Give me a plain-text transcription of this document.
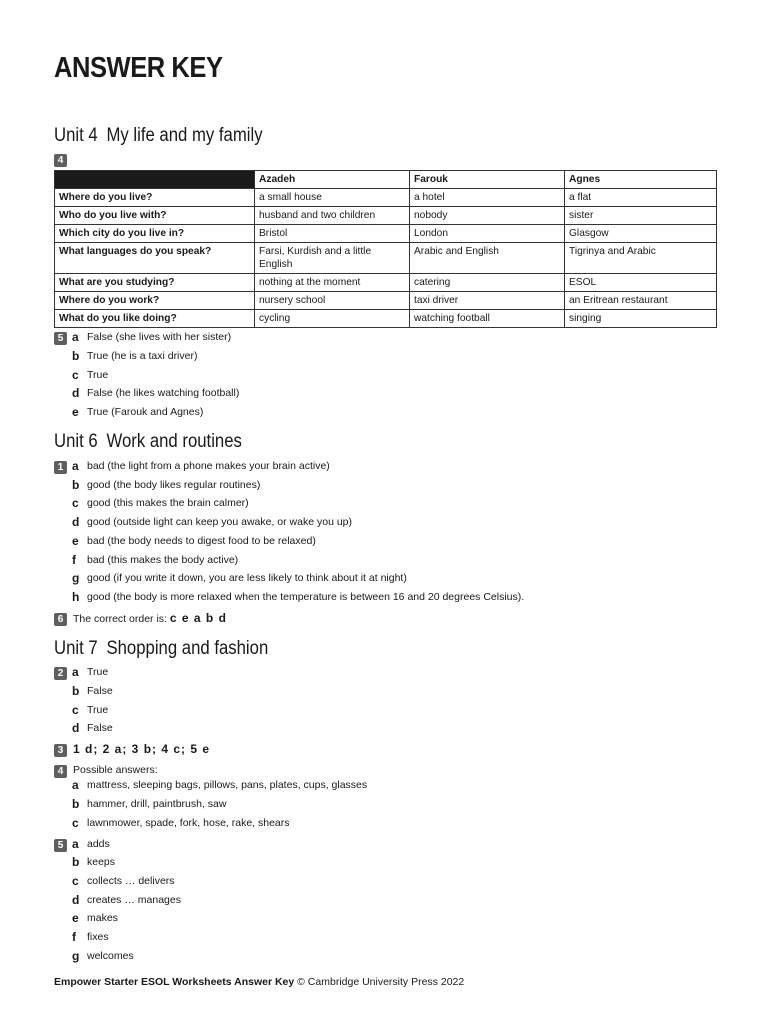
ANSWER KEY
Unit 4 My life and my family
4
	Azadeh	Farouk	Agnes
Where do you live?	a small house	a hotel	a flat
Who do you live with?	husband and two children	nobody	sister
Which city do you live in?	Bristol	London	Glasgow
What languages do you speak?	Farsi, Kurdish and a little English	Arabic and English	Tigrinya and Arabic
What are you studying?	nothing at the moment	catering	ESOL
Where do you work?	nursery school	taxi driver	an Eritrean restaurant
What do you like doing?	cycling	watching football	singing
5 a False (she lives with her sister)
b True (he is a taxi driver)
c True
d False (he likes watching football)
e True (Farouk and Agnes)
Unit 6 Work and routines
1 a bad (the light from a phone makes your brain active)
b good (the body likes regular routines)
c good (this makes the brain calmer)
d good (outside light can keep you awake, or wake you up)
e bad (the body needs to digest food to be relaxed)
f	bad (this makes the body active)
g good (if you write it down, you are less likely to think about it at night)
h good (the body is more relaxed when the temperature is between 16 and 20 degrees Celsius).
6 The correct order is: c e a b d
Unit 7 Shopping and fashion
2 a True
b False
c True
d False
3 1 d; 2 a; 3 b; 4 c; 5 e
4 Possible answers:
a mattress, sleeping bags, pillows, pans, plates, cups, glasses
b hammer, drill, paintbrush, saw
c lawnmower, spade, fork, hose, rake, shears
5 a adds
b keeps
c collects … delivers
d creates … manages
e makes
f	fixes
g welcomes
Empower Starter ESOL Worksheets Answer Key © Cambridge University Press 2022
